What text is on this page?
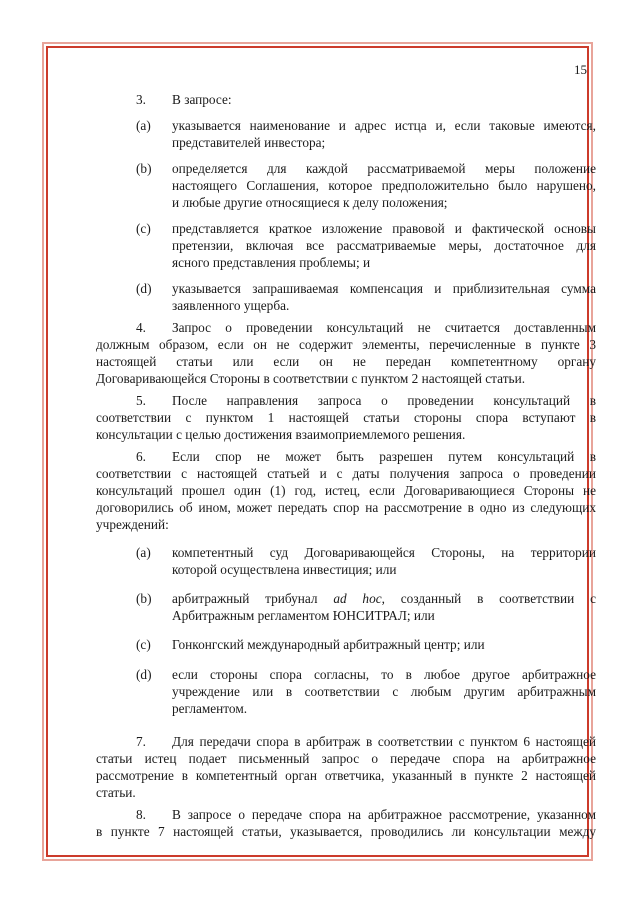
15
3. В запросе:
(a) указывается наименование и адрес истца и, если таковые имеются,
представителей инвестора;
(b) определяется для каждой рассматриваемой меры положение
настоящего Соглашения, которое предположительно было нарушено,
и любые другие относящиеся к делу положения;
(c) представляется краткое изложение правовой и фактической основы
претензии, включая все рассматриваемые меры, достаточное для
ясного представления проблемы; и
(d) указывается запрашиваемая компенсация и приблизительная сумма
заявленного ущерба.
4. Запрос о проведении консультаций не считается доставленным
должным образом, если он не содержит элементы, перечисленные в пункте 3
настоящей статьи или если он не передан компетентному органу
Договаривающейся Стороны в соответствии с пунктом 2 настоящей статьи.
5. После направления запроса о проведении консультаций в
соответствии с пунктом 1 настоящей статьи стороны спора вступают в
консультации с целью достижения взаимоприемлемого решения.
6. Если спор не может быть разрешен путем консультаций в
соответствии с настоящей статьей и с даты получения запроса о проведении
консультаций прошел один (1) год, истец, если Договаривающиеся Стороны не
договорились об ином, может передать спор на рассмотрение в одно из следующих
учреждений:
(a) компетентный суд Договаривающейся Стороны, на территории
которой осуществлена инвестиция; или
(b) арбитражный трибунал ad hoc, созданный в соответствии с
Арбитражным регламентом ЮНСИТРАЛ; или
(c) Гонконгский международный арбитражный центр; или
(d) если стороны спора согласны, то в любое другое арбитражное
учреждение или в соответствии с любым другим арбитражным
регламентом.
7. Для передачи спора в арбитраж в соответствии с пунктом 6 настоящей
статьи истец подает письменный запрос о передаче спора на арбитражное
рассмотрение в компетентный орган ответчика, указанный в пункте 2 настоящей
статьи.
8. В запросе о передаче спора на арбитражное рассмотрение, указанном
в пункте 7 настоящей статьи, указывается, проводились ли консультации между
